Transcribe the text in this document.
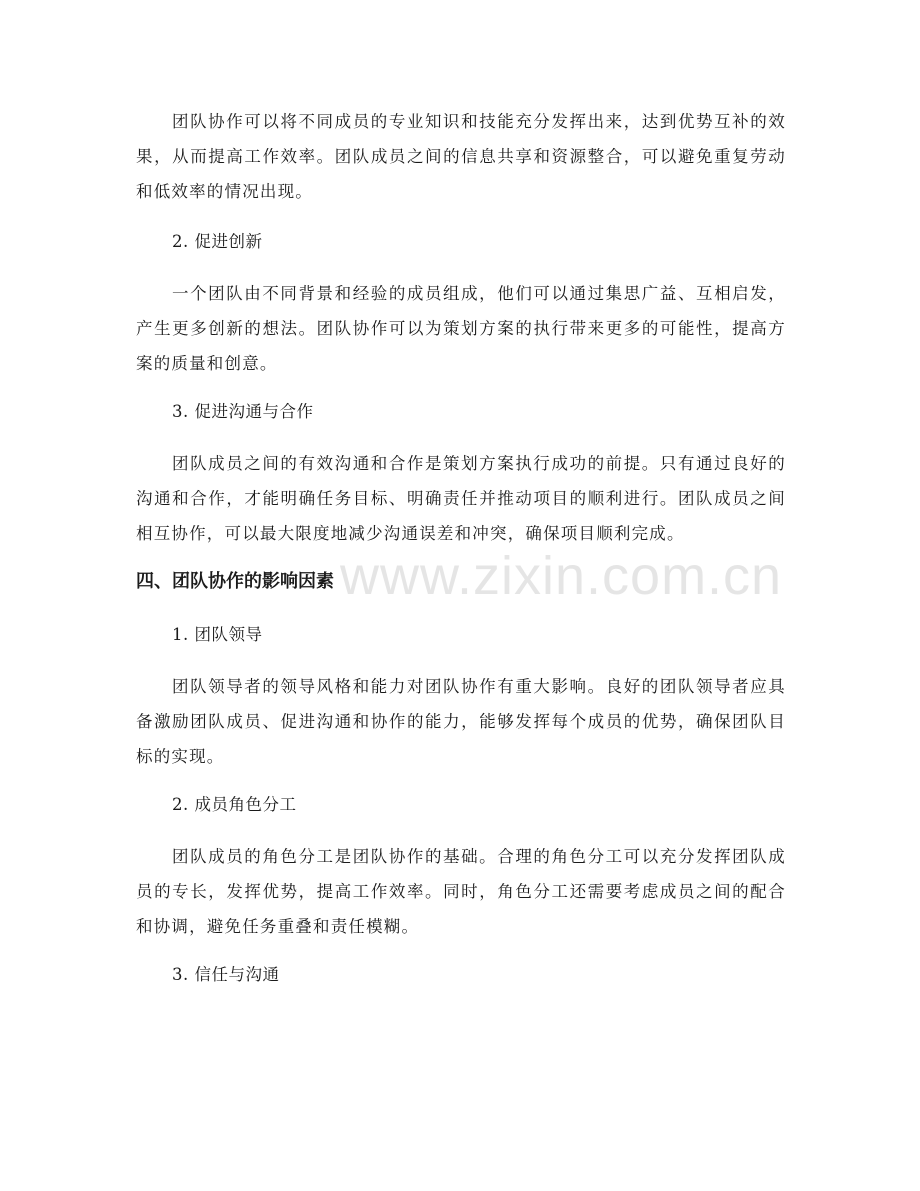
团队协作可以将不同成员的专业知识和技能充分发挥出来，达到优势互补的效果，从而提高工作效率。团队成员之间的信息共享和资源整合，可以避免重复劳动和低效率的情况出现。

2. 促进创新

一个团队由不同背景和经验的成员组成，他们可以通过集思广益、互相启发，产生更多创新的想法。团队协作可以为策划方案的执行带来更多的可能性，提高方案的质量和创意。

3. 促进沟通与合作

团队成员之间的有效沟通和合作是策划方案执行成功的前提。只有通过良好的沟通和合作，才能明确任务目标、明确责任并推动项目的顺利进行。团队成员之间相互协作，可以最大限度地减少沟通误差和冲突，确保项目顺利完成。

四、团队协作的影响因素

1. 团队领导

团队领导者的领导风格和能力对团队协作有重大影响。良好的团队领导者应具备激励团队成员、促进沟通和协作的能力，能够发挥每个成员的优势，确保团队目标的实现。

2. 成员角色分工

团队成员的角色分工是团队协作的基础。合理的角色分工可以充分发挥团队成员的专长，发挥优势，提高工作效率。同时，角色分工还需要考虑成员之间的配合和协调，避免任务重叠和责任模糊。

3. 信任与沟通

www.zixin.com.cn
